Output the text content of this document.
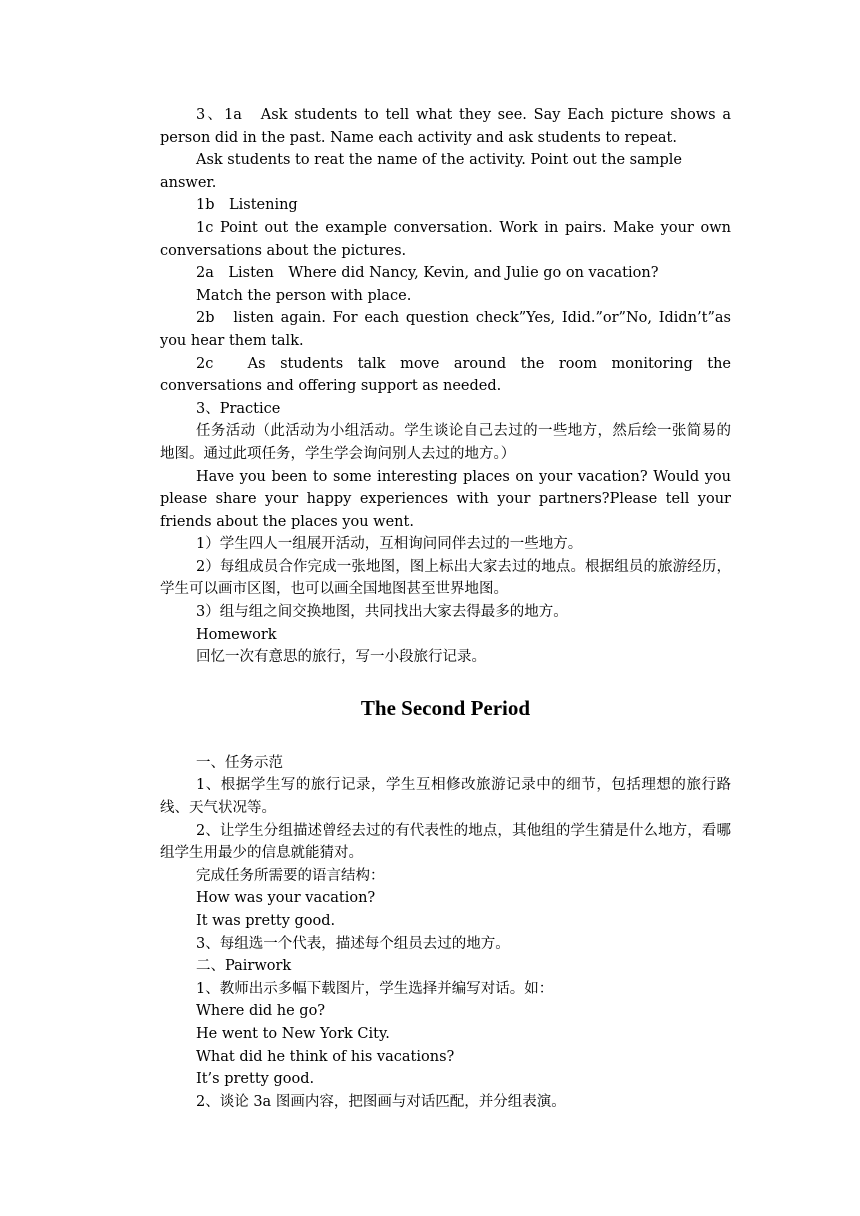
3、1a　Ask students to tell what they see. Say Each picture shows a person did in the past. Name each activity and ask students to repeat.

Ask students to reat the name of the activity. Point out the sample answer.

1b　Listening

1c Point out the example conversation. Work in pairs. Make your own conversations about the pictures.

2a　Listen　Where did Nancy, Kevin, and Julie go on vacation?

Match the person with place.

2b　listen again. For each question check”Yes, Idid.”or”No, Ididn’t”as you hear them talk.

2c　As students talk move around the room monitoring the conversations and offering support as needed.

3、Practice

任务活动（此活动为小组活动。学生谈论自己去过的一些地方，然后绘一张简易的地图。通过此项任务，学生学会询问别人去过的地方。）

Have you been to some interesting places on your vacation? Would you please share your happy experiences with your partners?Please tell your friends about the places you went.

1）学生四人一组展开活动，互相询问同伴去过的一些地方。

2）每组成员合作完成一张地图，图上标出大家去过的地点。根据组员的旅游经历，学生可以画市区图，也可以画全国地图甚至世界地图。

3）组与组之间交换地图，共同找出大家去得最多的地方。

Homework

回忆一次有意思的旅行，写一小段旅行记录。

The Second Period

一、任务示范

1、根据学生写的旅行记录，学生互相修改旅游记录中的细节，包括理想的旅行路线、天气状况等。

2、让学生分组描述曾经去过的有代表性的地点，其他组的学生猜是什么地方，看哪组学生用最少的信息就能猜对。

完成任务所需要的语言结构：

How was your vacation?

It was pretty good.

3、每组选一个代表，描述每个组员去过的地方。

二、Pairwork

1、教师出示多幅下载图片，学生选择并编写对话。如：

Where did he go?

He went to New York City.

What did he think of his vacations?

It’s pretty good.

2、谈论 3a 图画内容，把图画与对话匹配，并分组表演。
